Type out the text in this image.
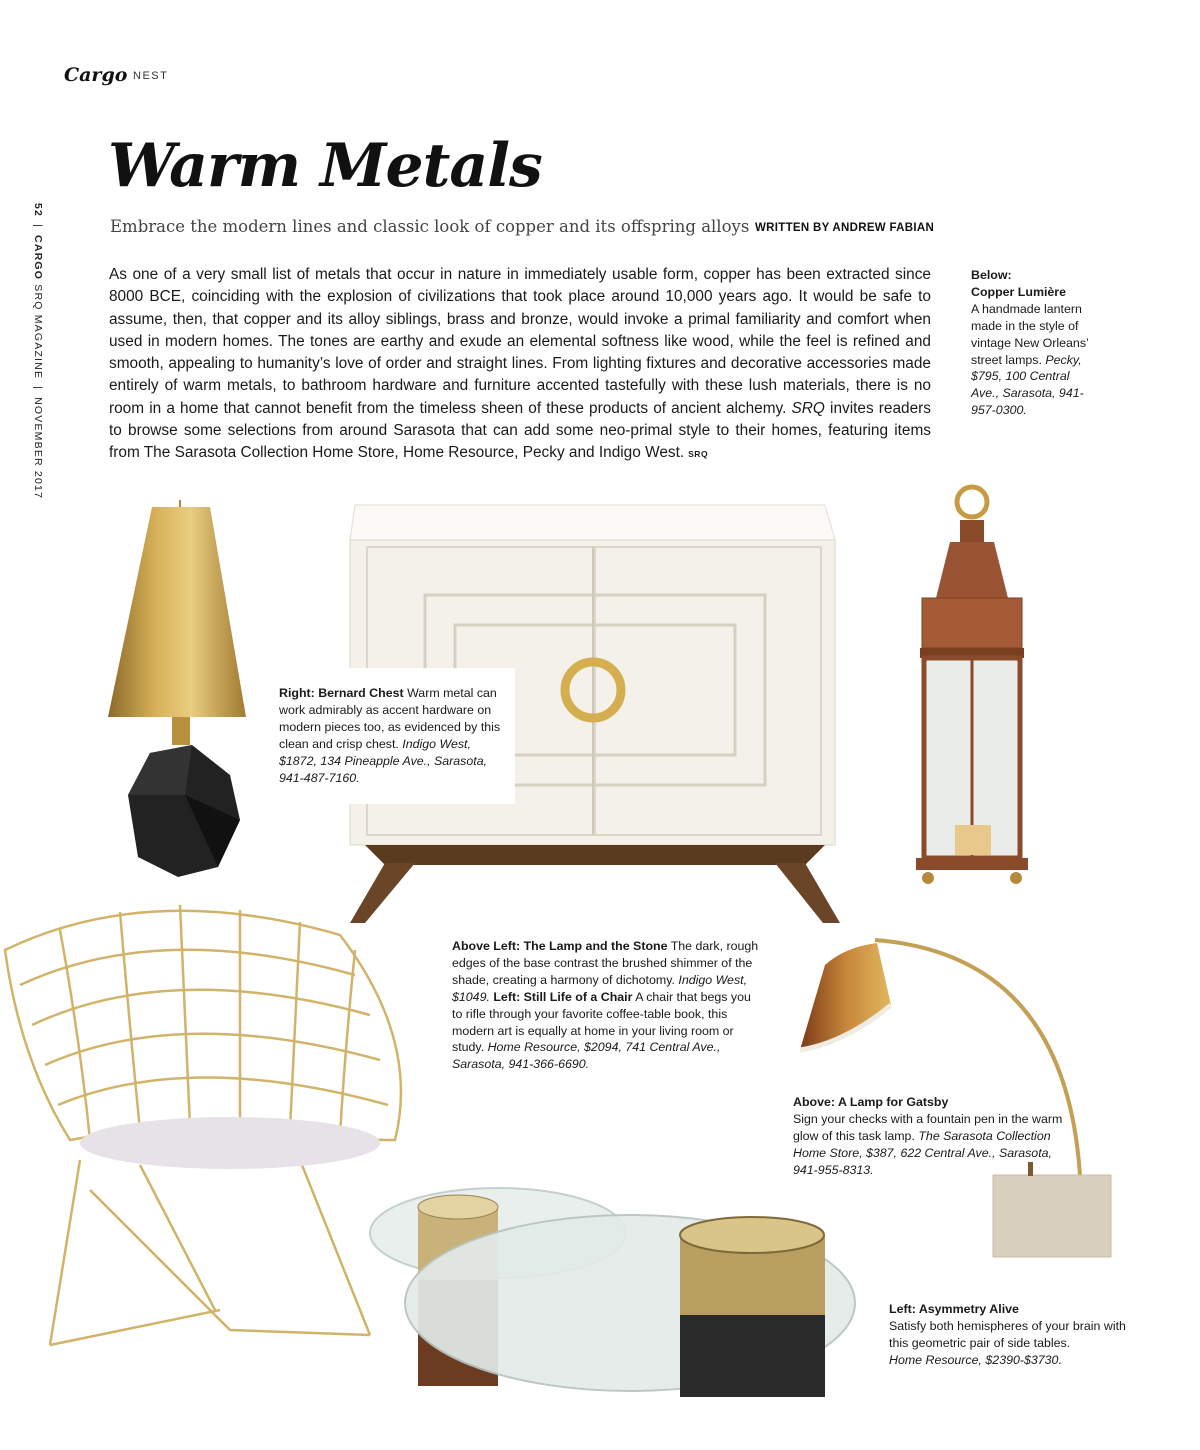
Cargo NEST
52|CARGO SRQ MAGAZINE|NOVEMBER 2017
Warm Metals
Embrace the modern lines and classic look of copper and its offspring alloys WRITTEN BY ANDREW FABIAN
As one of a very small list of metals that occur in nature in immediately usable form, copper has been extracted since 8000 BCE, coinciding with the explosion of civilizations that took place around 10,000 years ago. It would be safe to assume, then, that copper and its alloy siblings, brass and bronze, would invoke a primal familiarity and comfort when used in modern homes. The tones are earthy and exude an elemental softness like wood, while the feel is refined and smooth, appealing to humanity’s love of order and straight lines. From lighting fixtures and decorative accessories made entirely of warm metals, to bathroom hardware and furniture accented tastefully with these lush materials, there is no room in a home that cannot benefit from the timeless sheen of these products of ancient alchemy. SRQ invites readers to browse some selections from around Sarasota that can add some neo-primal style to their homes, featuring items from The Sarasota Collection Home Store, Home Resource, Pecky and Indigo West. SRQ
Below:
Copper Lumière
A handmade lantern made in the style of vintage New Orleans’ street lamps. Pecky, $795, 100 Central Ave., Sarasota, 941-957-0300.
Right: Bernard Chest Warm metal can work admirably as accent hardware on modern pieces too, as evidenced by this clean and crisp chest. Indigo West, $1872, 134 Pineapple Ave., Sarasota, 941-487-7160.
Above Left: The Lamp and the Stone The dark, rough edges of the base contrast the brushed shimmer of the shade, creating a harmony of dichotomy. Indigo West, $1049. Left: Still Life of a Chair A chair that begs you to rifle through your favorite coffee-table book, this modern art is equally at home in your living room or study. Home Resource, $2094, 741 Central Ave., Sarasota, 941-366-6690.
Above: A Lamp for Gatsby
Sign your checks with a fountain pen in the warm glow of this task lamp. The Sarasota Collection Home Store, $387, 622 Central Ave., Sarasota, 941-955-8313.
Left: Asymmetry Alive
Satisfy both hemispheres of your brain with this geometric pair of side tables.
Home Resource, $2390-$3730.
